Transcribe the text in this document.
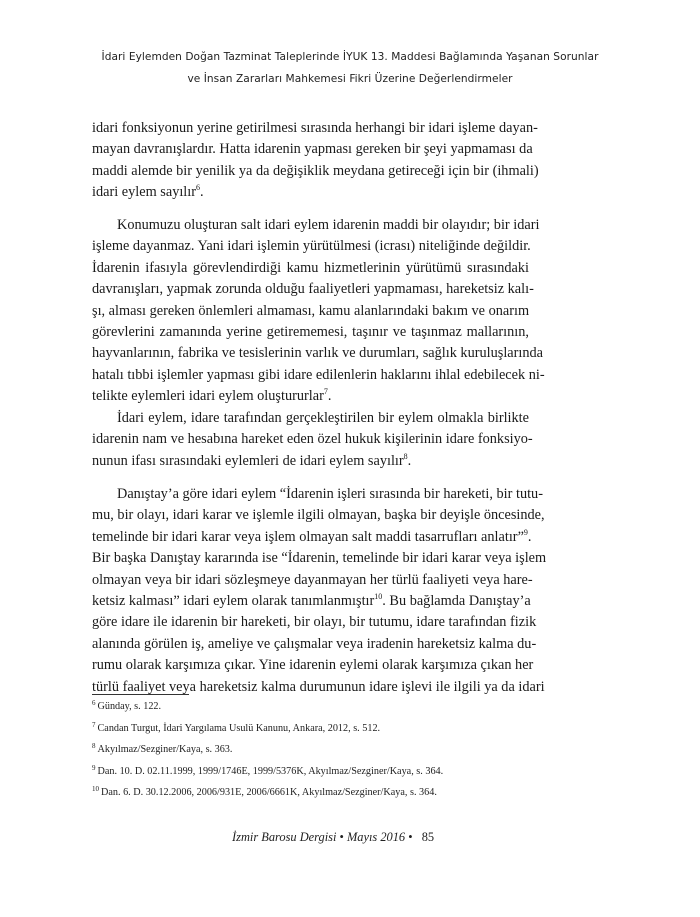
İdari Eylemden Doğan Tazminat Taleplerinde İYUK 13. Maddesi Bağlamında Yaşanan Sorunlar
ve İnsan Zararları Mahkemesi Fikri Üzerine Değerlendirmeler
idari fonksiyonun yerine getirilmesi sırasında herhangi bir idari işleme dayan-
mayan davranışlardır. Hatta idarenin yapması gereken bir şeyi yapmaması da
maddi alemde bir yenilik ya da değişiklik meydana getireceği için bir (ihmali)
idari eylem sayılır$^6$.
Konumuzu oluşturan salt idari eylem idarenin maddi bir olayıdır; bir idari
işleme dayanmaz. Yani idari işlemin yürütülmesi (icrası) niteliğinde değildir.
İdarenin ifasıyla görevlendirdiği kamu hizmetlerinin yürütümü sırasındaki
davranışları, yapmak zorunda olduğu faaliyetleri yapmaması, hareketsiz kalı-
şı, alması gereken önlemleri almaması, kamu alanlarındaki bakım ve onarım
görevlerini zamanında yerine getirememesi, taşınır ve taşınmaz mallarının,
hayvanlarının, fabrika ve tesislerinin varlık ve durumları, sağlık kuruluşlarında
hatalı tıbbi işlemler yapması gibi idare edilenlerin haklarını ihlal edebilecek ni-
telikte eylemleri idari eylem oluştururlar$^7$.
İdari eylem, idare tarafından gerçekleştirilen bir eylem olmakla birlikte
idarenin nam ve hesabına hareket eden özel hukuk kişilerinin idare fonksiyo-
nunun ifası sırasındaki eylemleri de idari eylem sayılır$^8$.
Danıştay’a göre idari eylem “İdarenin işleri sırasında bir hareketi, bir tutu-
mu, bir olayı, idari karar ve işlemle ilgili olmayan, başka bir deyişle öncesinde,
temelinde bir idari karar veya işlem olmayan salt maddi tasarrufları anlatır”$^9$.
Bir başka Danıştay kararında ise “İdarenin, temelinde bir idari karar veya işlem
olmayan veya bir idari sözleşmeye dayanmayan her türlü faaliyeti veya hare-
ketsiz kalması” idari eylem olarak tanımlanmıştır$^{10}$. Bu bağlamda Danıştay’a
göre idare ile idarenin bir hareketi, bir olayı, bir tutumu, idare tarafından fizik
alanında görülen iş, ameliye ve çalışmalar veya iradenin hareketsiz kalma du-
rumu olarak karşımıza çıkar. Yine idarenin eylemi olarak karşımıza çıkan her
türlü faaliyet veya hareketsiz kalma durumunun idare işlevi ile ilgili ya da idari
$^6$ Günday, s. 122.
$^7$ Candan Turgut, İdari Yargılama Usulü Kanunu, Ankara, 2012, s. 512.
$^8$ Akyılmaz/Sezginer/Kaya, s. 363.
$^9$ Dan. 10. D. 02.11.1999, 1999/1746E, 1999/5376K, Akyılmaz/Sezginer/Kaya, s. 364.
$^{10}$ Dan. 6. D. 30.12.2006, 2006/931E, 2006/6661K, Akyılmaz/Sezginer/Kaya, s. 364.
İzmir Barosu Dergisi • Mayıs 2016 • 85
